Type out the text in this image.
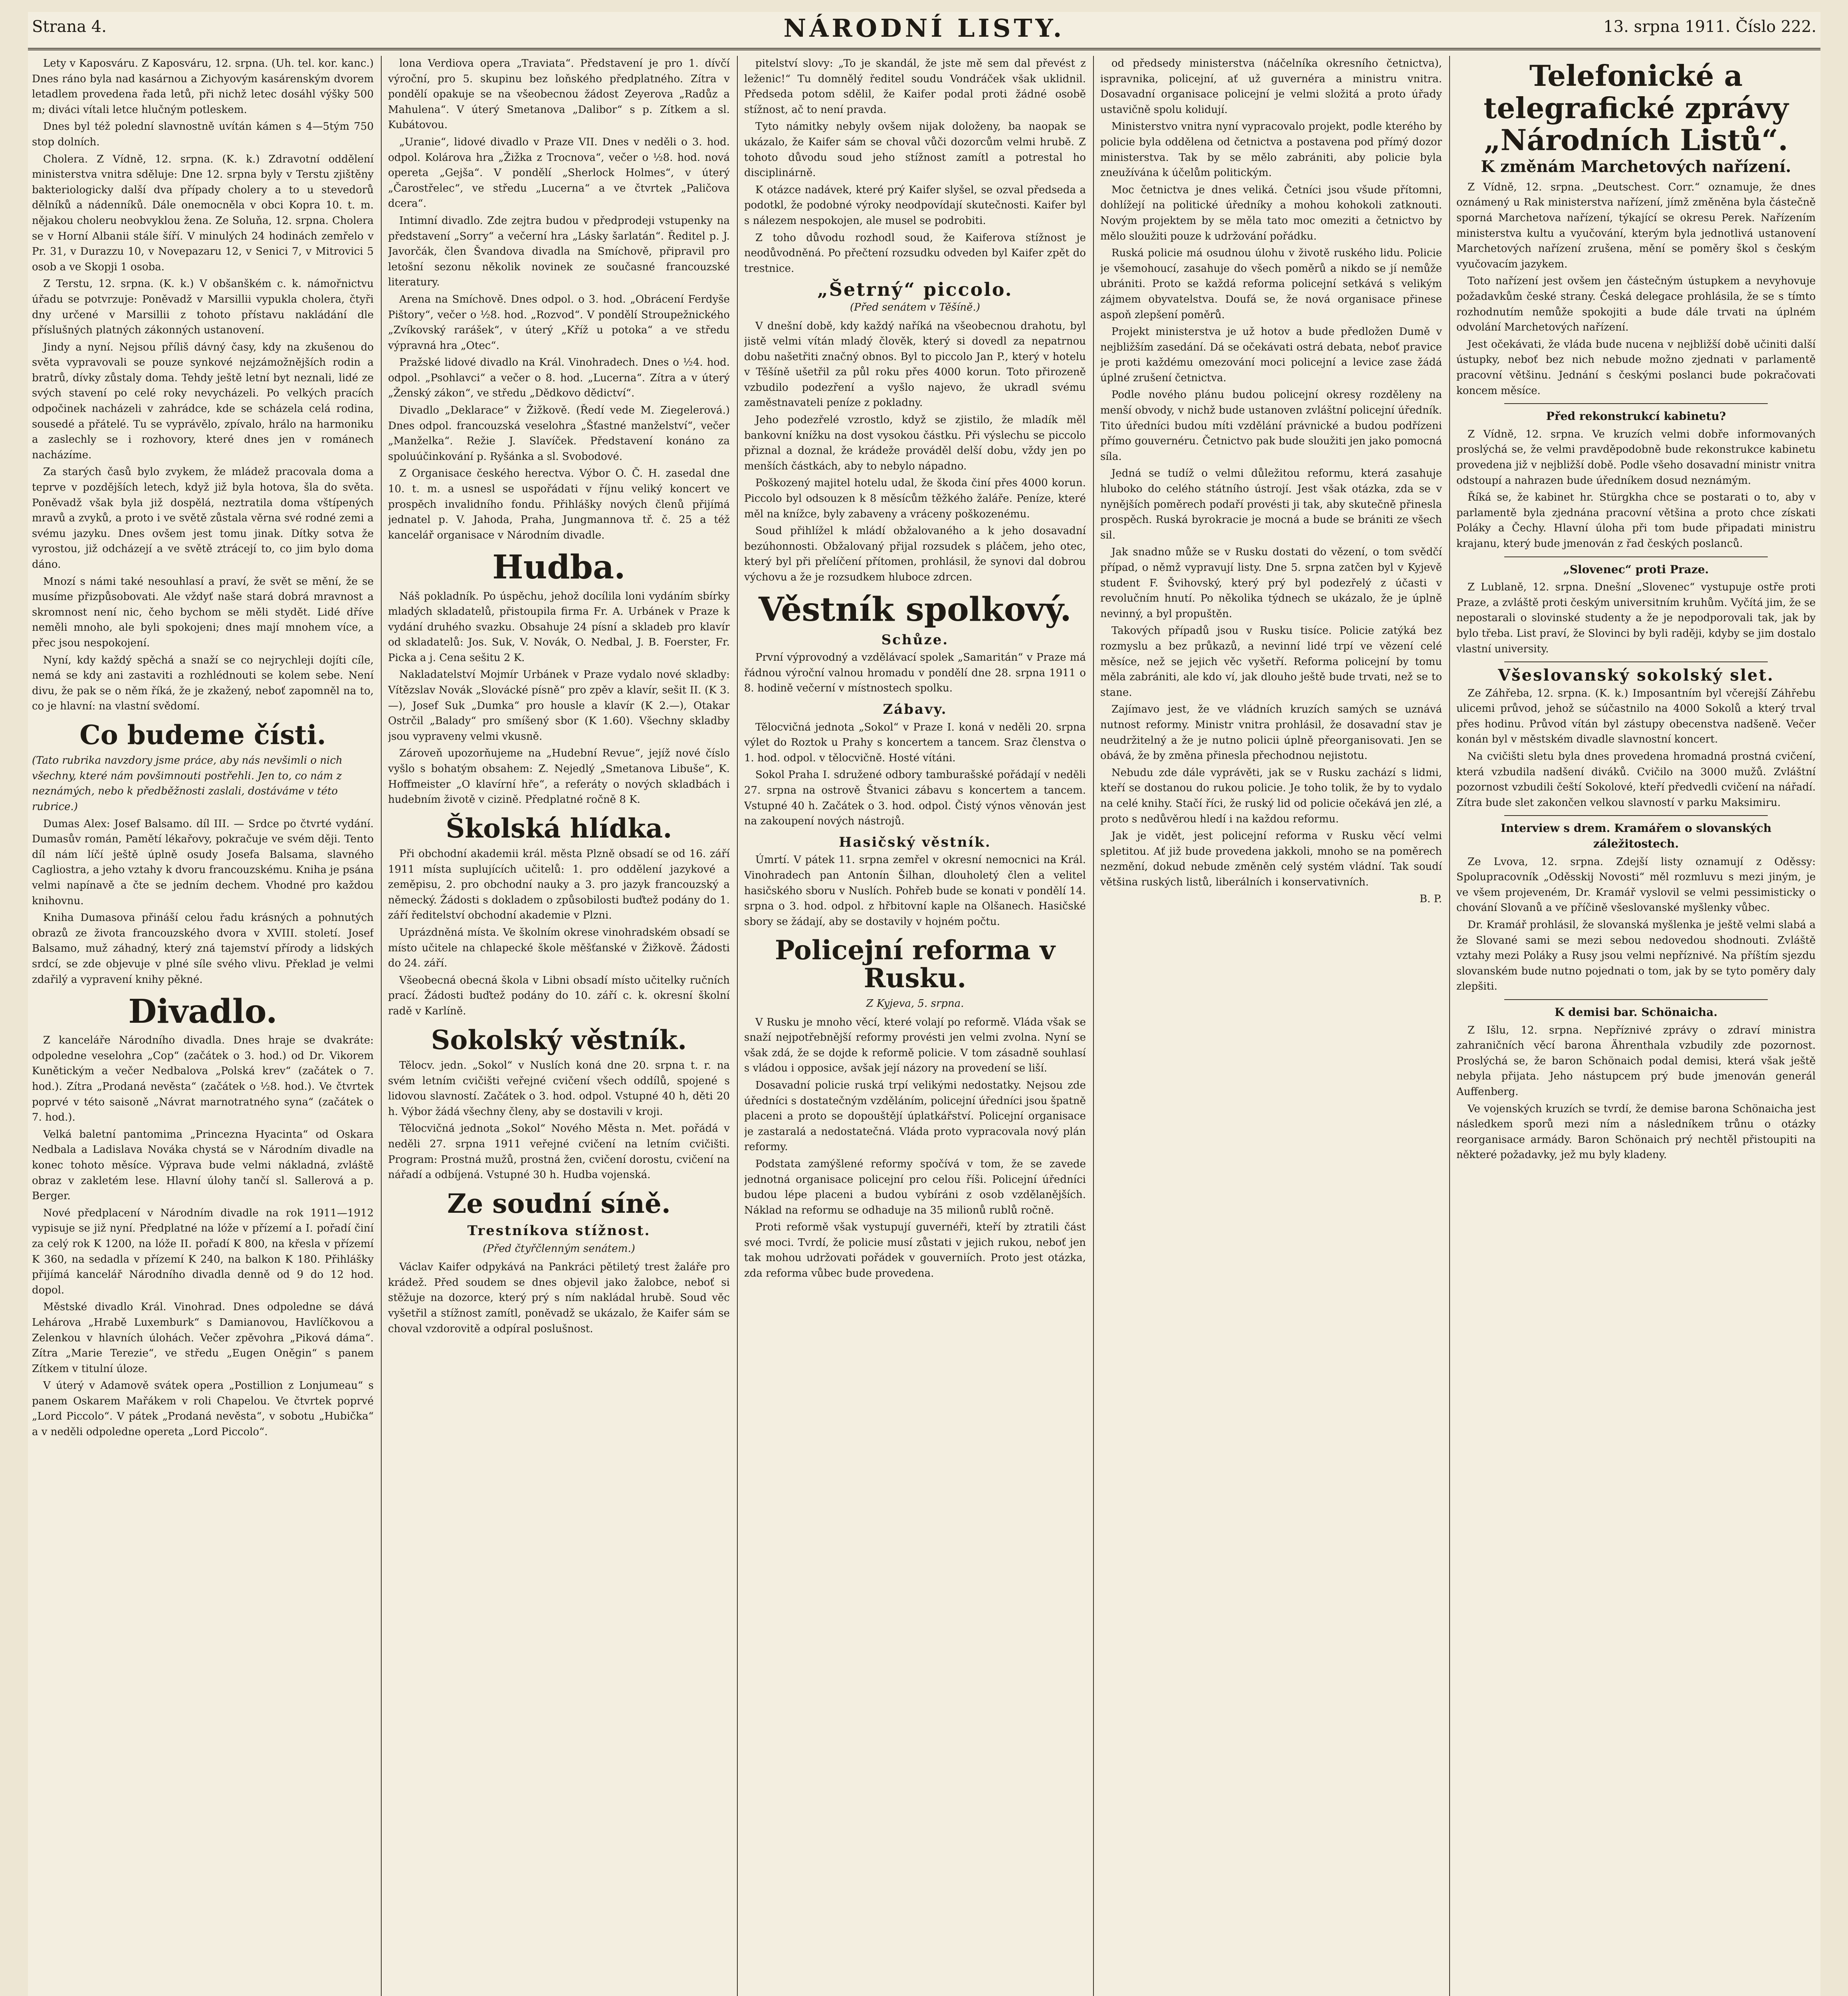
Strana 4.	NÁRODNÍ LISTY.	13. srpna 1911. Číslo 222.

Lety v Kaposváru. Z Kaposváru, 12. srpna. (Uh. tel. kor. kanc.) Dnes ráno byla nad kasárnou a Zichyovým kasárenským dvorem letadlem provedena řada letů, při nichž letec dosáhl výšky 500 m; diváci vítali letce hlučným potleskem.

Dnes byl též polední slavnostně uvítán kámen s 4—5tým 750 stop dolních.

Cholera. Z Vídně, 12. srpna. (K. k.) Zdravotní oddělení ministerstva vnitra sděluje: Dne 12. srpna byly v Terstu zjištěny bakteriologicky další dva případy cholery a to u stevedorů dělníků a nádenníků. Dále onemocněla v obci Kopra 10. t. m. nějakou choleru neobvyklou žena. Ze Soluňa, 12. srpna. Cholera se v Horní Albanii stále šíří. V minulých 24 hodinách zemřelo v Pr. 31, v Durazzu 10, v Novepazaru 12, v Senici 7, v Mitrovici 5 osob a ve Skopji 1 osoba.

Z Terstu, 12. srpna. (K. k.) V obšanškém c. k. námořnictvu úřadu se potvrzuje: Poněvadž v Marsillii vypukla cholera, čtyři dny určené v Marsillii z tohoto přístavu nakládání dle příslušných platných zákonných ustanovení.

Jindy a nyní. Nejsou příliš dávný časy, kdy na zkušenou do světa vypravovali se pouze synkové nejzámožnějších rodin a bratrů, dívky zůstaly doma. Tehdy ještě letní byt neznali, lidé ze svých stavení po celé roky nevycházeli. Po velkých pracích odpočinek nacházeli v zahrádce, kde se scházela celá rodina, sousedé a přátelé. Tu se vyprávělo, zpívalo, hrálo na harmoniku a zaslechly se i rozhovory, které dnes jen v románech nacházíme.

Za starých časů bylo zvykem, že mládež pracovala doma a teprve v pozdějších letech, když již byla hotova, šla do světa. Poněvadž však byla již dospělá, neztratila doma vštípených mravů a zvyků, a proto i ve světě zůstala věrna své rodné zemi a svému jazyku. Dnes ovšem jest tomu jinak. Dítky sotva že vyrostou, již odcházejí a ve světě ztrácejí to, co jim bylo doma dáno.

Mnozí s námi také nesouhlasí a praví, že svět se mění, že se musíme přizpůsobovati. Ale vždyť naše stará dobrá mravnost a skromnost není nic, čeho bychom se měli stydět. Lidé dříve neměli mnoho, ale byli spokojeni; dnes mají mnohem více, a přec jsou nespokojení.

Nyní, kdy každý spěchá a snaží se co nejrychleji dojíti cíle, nemá se kdy ani zastaviti a rozhlédnouti se kolem sebe. Není divu, že pak se o něm říká, že je zkažený, neboť zapomněl na to, co je hlavní: na vlastní svědomí.

Co budeme čísti.

(Tato rubrika navzdory jsme práce, aby nás nevšimli o nich všechny, které nám povšimnouti postřehli. Jen to, co nám z neznámých, nebo k předběžnosti zaslali, dostáváme v této rubrice.)

Dumas Alex: Josef Balsamo. díl III. — Srdce po čtvrté vydání. Dumasův román, Pamětí lékařovy, pokračuje ve svém ději. Tento díl nám líčí ještě úplně osudy Josefa Balsama, slavného Cagliostra, a jeho vztahy k dvoru francouzskému. Kniha je psána velmi napínavě a čte se jedním dechem. Vhodné pro každou knihovnu.

Kniha Dumasova přináší celou řadu krásných a pohnutých obrazů ze života francouzského dvora v XVIII. století. Josef Balsamo, muž záhadný, který zná tajemství přírody a lidských srdcí, se zde objevuje v plné síle svého vlivu. Překlad je velmi zdařilý a vypravení knihy pěkné.

Divadlo.

Z kanceláře Národního divadla. Dnes hraje se dvakráte: odpoledne veselohra „Cop“ (začátek o 3. hod.) od Dr. Vikorem Kunětickým a večer Nedbalova „Polská krev“ (začátek o 7. hod.). Zítra „Prodaná nevěsta“ (začátek o ½8. hod.). Ve čtvrtek poprvé v této saisoně „Návrat marnotratného syna“ (začátek o 7. hod.).

Velká baletní pantomima „Princezna Hyacinta“ od Oskara Nedbala a Ladislava Nováka chystá se v Národním divadle na konec tohoto měsíce. Výprava bude velmi nákladná, zvláště obraz v zakletém lese. Hlavní úlohy tančí sl. Sallerová a p. Berger.

Nové předplacení v Národním divadle na rok 1911—1912 vypisuje se již nyní. Předplatné na lóže v přízemí a I. pořadí činí za celý rok K 1200, na lóže II. pořadí K 800, na křesla v přízemí K 360, na sedadla v přízemí K 240, na balkon K 180. Přihlášky přijímá kancelář Národního divadla denně od 9 do 12 hod. dopol.

Městské divadlo Král. Vinohrad. Dnes odpoledne se dává Lehárova „Hrabě Luxemburk“ s Damianovou, Havlíčkovou a Zelenkou v hlavních úlohách. Večer zpěvohra „Piková dáma“. Zítra „Marie Terezie“, ve středu „Eugen Oněgin“ s panem Zítkem v titulní úloze.

V úterý v Adamově svátek opera „Postillion z Lonjumeau“ s panem Oskarem Mařákem v roli Chapelou. Ve čtvrtek poprvé „Lord Piccolo“. V pátek „Prodaná nevěsta“, v sobotu „Hubička“ a v neděli odpoledne opereta „Lord Piccolo“.

lona Verdiova opera „Traviata“. Představení je pro 1. dívčí výroční, pro 5. skupinu bez loňského předplatného. Zítra v pondělí opakuje se na všeobecnou žádost Zeyerova „Radůz a Mahulena“. V úterý Smetanova „Dalibor“ s p. Zítkem a sl. Kubátovou.

„Uranie“, lidové divadlo v Praze VII. Dnes v neděli o 3. hod. odpol. Kolárova hra „Žižka z Trocnova“, večer o ½8. hod. nová opereta „Gejša“. V pondělí „Sherlock Holmes“, v úterý „Čarostřelec“, ve středu „Lucerna“ a ve čtvrtek „Paličova dcera“.

Intimní divadlo. Zde zejtra budou v předprodeji vstupenky na představení „Sorry“ a večerní hra „Lásky šarlatán“. Ředitel p. J. Javorčák, člen Švandova divadla na Smíchově, připravil pro letošní sezonu několik novinek ze současné francouzské literatury.

Arena na Smíchově. Dnes odpol. o 3. hod. „Obrácení Ferdyše Pištory“, večer o ½8. hod. „Rozvod“. V pondělí Stroupežnického „Zvíkovský rarášek“, v úterý „Kříž u potoka“ a ve středu výpravná hra „Otec“.

Pražské lidové divadlo na Král. Vinohradech. Dnes o ½4. hod. odpol. „Psohlavci“ a večer o 8. hod. „Lucerna“. Zítra a v úterý „Ženský zákon“, ve středu „Dědkovo dědictví“.

Divadlo „Deklarace“ v Žižkově. (Ředí vede M. Ziegelerová.) Dnes odpol. francouzská veselohra „Šťastné manželství“, večer „Manželka“. Režie J. Slavíček. Představení konáno za spoluúčinkování p. Ryšánka a sl. Svobodové.

Z Organisace českého herectva. Výbor O. Č. H. zasedal dne 10. t. m. a usnesl se uspořádati v říjnu veliký koncert ve prospěch invalidního fondu. Přihlášky nových členů přijímá jednatel p. V. Jahoda, Praha, Jungmannova tř. č. 25 a též kancelář organisace v Národním divadle.

Hudba.

Náš pokladník. Po úspěchu, jehož docílila loni vydáním sbírky mladých skladatelů, přistoupila firma Fr. A. Urbánek v Praze k vydání druhého svazku. Obsahuje 24 písní a skladeb pro klavír od skladatelů: Jos. Suk, V. Novák, O. Nedbal, J. B. Foerster, Fr. Picka a j. Cena sešitu 2 K.

Nakladatelství Mojmír Urbánek v Praze vydalo nové skladby: Vítězslav Novák „Slovácké písně“ pro zpěv a klavír, sešit II. (K 3.—), Josef Suk „Dumka“ pro housle a klavír (K 2.—), Otakar Ostrčil „Balady“ pro smíšený sbor (K 1.60). Všechny skladby jsou vypraveny velmi vkusně.

Zároveň upozorňujeme na „Hudební Revue“, jejíž nové číslo vyšlo s bohatým obsahem: Z. Nejedlý „Smetanova Libuše“, K. Hoffmeister „O klavírní hře“, a referáty o nových skladbách i hudebním životě v cizině. Předplatné ročně 8 K.

Školská hlídka.

Při obchodní akademii král. města Plzně obsadí se od 16. září 1911 místa suplujících učitelů: 1. pro oddělení jazykové a zeměpisu, 2. pro obchodní nauky a 3. pro jazyk francouzský a německý. Žádosti s dokladem o způsobilosti buďtež podány do 1. září ředitelství obchodní akademie v Plzni.

Uprázdněná místa. Ve školním okrese vinohradském obsadí se místo učitele na chlapecké škole měšťanské v Žižkově. Žádosti do 24. září.

Všeobecná obecná škola v Libni obsadí místo učitelky ručních prací. Žádosti buďtež podány do 10. září c. k. okresní školní radě v Karlíně.

Sokolský věstník.

Tělocv. jedn. „Sokol“ v Nuslích koná dne 20. srpna t. r. na svém letním cvičišti veřejné cvičení všech oddílů, spojené s lidovou slavností. Začátek o 3. hod. odpol. Vstupné 40 h, děti 20 h. Výbor žádá všechny členy, aby se dostavili v kroji.

Tělocvičná jednota „Sokol“ Nového Města n. Met. pořádá v neděli 27. srpna 1911 veřejné cvičení na letním cvičišti. Program: Prostná mužů, prostná žen, cvičení dorostu, cvičení na nářadí a odbíjená. Vstupné 30 h. Hudba vojenská.

Ze soudní síně.
Trestníkova stížnost.
(Před čtyřčlenným senátem.)

Václav Kaifer odpykává na Pankráci pětiletý trest žaláře pro krádež. Před soudem se dnes objevil jako žalobce, neboť si stěžuje na dozorce, který prý s ním nakládal hrubě. Soud věc vyšetřil a stížnost zamítl, poněvadž se ukázalo, že Kaifer sám se choval vzdorovitě a odpíral poslušnost.

pitelství slovy: „To je skandál, že jste mě sem dal převést z leženic!“ Tu domnělý ředitel soudu Vondráček však uklidnil. Předseda potom sdělil, že Kaifer podal proti žádné osobě stížnost, ač to není pravda.

Tyto námitky nebyly ovšem nijak doloženy, ba naopak se ukázalo, že Kaifer sám se choval vůči dozorcům velmi hrubě. Z tohoto důvodu soud jeho stížnost zamítl a potrestal ho disciplinárně.

K otázce nadávek, které prý Kaifer slyšel, se ozval předseda a podotkl, že podobné výroky neodpovídají skutečnosti. Kaifer byl s nálezem nespokojen, ale musel se podrobiti.

Z toho důvodu rozhodl soud, že Kaiferova stížnost je neodůvodněná. Po přečtení rozsudku odveden byl Kaifer zpět do trestnice.

„Šetrný“ piccolo.
(Před senátem v Těšíně.)

V dnešní době, kdy každý naříká na všeobecnou drahotu, byl jistě velmi vítán mladý člověk, který si dovedl za nepatrnou dobu našetřiti značný obnos. Byl to piccolo Jan P., který v hotelu v Těšíně ušetřil za půl roku přes 4000 korun. Toto přirozeně vzbudilo podezření a vyšlo najevo, že ukradl svému zaměstnavateli peníze z pokladny.

Jeho podezřelé vzrostlo, když se zjistilo, že mladík měl bankovní knížku na dost vysokou částku. Při výslechu se piccolo přiznal a doznal, že krádeže prováděl delší dobu, vždy jen po menších částkách, aby to nebylo nápadno.

Poškozený majitel hotelu udal, že škoda činí přes 4000 korun. Piccolo byl odsouzen k 8 měsícům těžkého žaláře. Peníze, které měl na knížce, byly zabaveny a vráceny poškozenému.

Soud přihlížel k mládí obžalovaného a k jeho dosavadní bezúhonnosti. Obžalovaný přijal rozsudek s pláčem, jeho otec, který byl při přelíčení přítomen, prohlásil, že synovi dal dobrou výchovu a že je rozsudkem hluboce zdrcen.

Věstník spolkový.
Schůze.

První výprovodný a vzdělávací spolek „Samaritán“ v Praze má řádnou výroční valnou hromadu v pondělí dne 28. srpna 1911 o 8. hodině večerní v místnostech spolku.

Zábavy.

Tělocvičná jednota „Sokol“ v Praze I. koná v neděli 20. srpna výlet do Roztok u Prahy s koncertem a tancem. Sraz členstva o 1. hod. odpol. v tělocvičně. Hosté vítáni.

Sokol Praha I. sdružené odbory tamburašské pořádají v neděli 27. srpna na ostrově Štvanici zábavu s koncertem a tancem. Vstupné 40 h. Začátek o 3. hod. odpol. Čistý výnos věnován jest na zakoupení nových nástrojů.

Hasičský věstník.

Úmrtí. V pátek 11. srpna zemřel v okresní nemocnici na Král. Vinohradech pan Antonín Šilhan, dlouholetý člen a velitel hasičského sboru v Nuslích. Pohřeb bude se konati v pondělí 14. srpna o 3. hod. odpol. z hřbitovní kaple na Olšanech. Hasičské sbory se žádají, aby se dostavily v hojném počtu.

Policejní reforma v Rusku.
Z Kyjeva, 5. srpna.

V Rusku je mnoho věcí, které volají po reformě. Vláda však se snaží nejpotřebnější reformy provésti jen velmi zvolna. Nyní se však zdá, že se dojde k reformě policie. V tom zásadně souhlasí s vládou i opposice, avšak její názory na provedení se liší.

Dosavadní policie ruská trpí velikými nedostatky. Nejsou zde úředníci s dostatečným vzděláním, policejní úředníci jsou špatně placeni a proto se dopouštějí úplatkářství. Policejní organisace je zastaralá a nedostatečná. Vláda proto vypracovala nový plán reformy.

Podstata zamýšlené reformy spočívá v tom, že se zavede jednotná organisace policejní pro celou říši. Policejní úředníci budou lépe placeni a budou vybíráni z osob vzdělanějších. Náklad na reformu se odhaduje na 35 milionů rublů ročně.

Proti reformě však vystupují guvernéři, kteří by ztratili část své moci. Tvrdí, že policie musí zůstati v jejich rukou, neboť jen tak mohou udržovati pořádek v gouverniích. Proto jest otázka, zda reforma vůbec bude provedena.

od předsedy ministerstva (náčelníka okresního četnictva), ispravnika, policejní, ať už guvernéra a ministru vnitra. Dosavadní organisace policejní je velmi složitá a proto úřady ustavičně spolu kolidují.

Ministerstvo vnitra nyní vypracovalo projekt, podle kterého by policie byla oddělena od četnictva a postavena pod přímý dozor ministerstva. Tak by se mělo zabrániti, aby policie byla zneužívána k účelům politickým.

Moc četnictva je dnes veliká. Četníci jsou všude přítomni, dohlížejí na politické úředníky a mohou kohokoli zatknouti. Novým projektem by se měla tato moc omeziti a četnictvo by mělo sloužiti pouze k udržování pořádku.

Ruská policie má osudnou úlohu v životě ruského lidu. Policie je všemohoucí, zasahuje do všech poměrů a nikdo se jí nemůže ubrániti. Proto se každá reforma policejní setkává s velikým zájmem obyvatelstva. Doufá se, že nová organisace přinese aspoň zlepšení poměrů.

Projekt ministerstva je už hotov a bude předložen Dumě v nejbližším zasedání. Dá se očekávati ostrá debata, neboť pravice je proti každému omezování moci policejní a levice zase žádá úplné zrušení četnictva.

Podle nového plánu budou policejní okresy rozděleny na menší obvody, v nichž bude ustanoven zvláštní policejní úředník. Tito úředníci budou míti vzdělání právnické a budou podřízeni přímo gouvernéru. Četnictvo pak bude sloužiti jen jako pomocná síla.

Jedná se tudíž o velmi důležitou reformu, která zasahuje hluboko do celého státního ústrojí. Jest však otázka, zda se v nynějších poměrech podaří provésti ji tak, aby skutečně přinesla prospěch. Ruská byrokracie je mocná a bude se brániti ze všech sil.

Jak snadno může se v Rusku dostati do vězení, o tom svědčí případ, o němž vypravují listy. Dne 5. srpna zatčen byl v Kyjevě student F. Švihovský, který prý byl podezřelý z účasti v revolučním hnutí. Po několika týdnech se ukázalo, že je úplně nevinný, a byl propuštěn.

Takových případů jsou v Rusku tisíce. Policie zatýká bez rozmyslu a bez průkazů, a nevinní lidé trpí ve vězení celé měsíce, než se jejich věc vyšetří. Reforma policejní by tomu měla zabrániti, ale kdo ví, jak dlouho ještě bude trvati, než se to stane.

Zajímavo jest, že ve vládních kruzích samých se uznává nutnost reformy. Ministr vnitra prohlásil, že dosavadní stav je neudržitelný a že je nutno policii úplně přeorganisovati. Jen se obává, že by změna přinesla přechodnou nejistotu.

Nebudu zde dále vyprávěti, jak se v Rusku zachází s lidmi, kteří se dostanou do rukou policie. Je toho tolik, že by to vydalo na celé knihy. Stačí říci, že ruský lid od policie očekává jen zlé, a proto s nedůvěrou hledí i na každou reformu.

Jak je vidět, jest policejní reforma v Rusku věcí velmi spletitou. Ať již bude provedena jakkoli, mnoho se na poměrech nezmění, dokud nebude změněn celý systém vládní. Tak soudí většina ruských listů, liberálních i konservativních.

B. P.

Telefonické a telegrafické zprávy „Národních Listů“.
K změnám Marchetových nařízení.

Z Vídně, 12. srpna. „Deutschest. Corr.“ oznamuje, že dnes oznámený u Rak ministerstva nařízení, jímž změněna byla částečně sporná Marchetova nařízení, týkající se okresu Perek. Nařízením ministerstva kultu a vyučování, kterým byla jednotlivá ustanovení Marchetových nařízení zrušena, mění se poměry škol s českým vyučovacím jazykem.

Toto nařízení jest ovšem jen částečným ústupkem a nevyhovuje požadavkům české strany. Česká delegace prohlásila, že se s tímto rozhodnutím nemůže spokojiti a bude dále trvati na úplném odvolání Marchetových nařízení.

Jest očekávati, že vláda bude nucena v nejbližší době učiniti další ústupky, neboť bez nich nebude možno zjednati v parlamentě pracovní většinu. Jednání s českými poslanci bude pokračovati koncem měsíce.

Před rekonstrukcí kabinetu?

Z Vídně, 12. srpna. Ve kruzích velmi dobře informovaných proslýchá se, že velmi pravděpodobně bude rekonstrukce kabinetu provedena již v nejbližší době. Podle všeho dosavadní ministr vnitra odstoupí a nahrazen bude úředníkem dosud neznámým.

Říká se, že kabinet hr. Stürgkha chce se postarati o to, aby v parlamentě byla zjednána pracovní většina a proto chce získati Poláky a Čechy. Hlavní úloha při tom bude připadati ministru krajanu, který bude jmenován z řad českých poslanců.

„Slovenec“ proti Praze.

Z Lublaně, 12. srpna. Dnešní „Slovenec“ vystupuje ostře proti Praze, a zvláště proti českým universitním kruhům. Vyčítá jim, že se nepostarali o slovinské studenty a že je nepodporovali tak, jak by bylo třeba. List praví, že Slovinci by byli raději, kdyby se jim dostalo vlastní university.

Všeslovanský sokolský slet.

Ze Záhřeba, 12. srpna. (K. k.) Imposantním byl včerejší Záhřebu ulicemi průvod, jehož se súčastnilo na 4000 Sokolů a který trval přes hodinu. Průvod vítán byl zástupy obecenstva nadšeně. Večer konán byl v městském divadle slavnostní koncert.

Na cvičišti sletu byla dnes provedena hromadná prostná cvičení, která vzbudila nadšení diváků. Cvičilo na 3000 mužů. Zvláštní pozornost vzbudili čeští Sokolové, kteří předvedli cvičení na nářadí. Zítra bude slet zakončen velkou slavností v parku Maksimiru.

Interview s drem. Kramářem o slovanských záležitostech.

Ze Lvova, 12. srpna. Zdejší listy oznamují z Oděssy: Spolupracovník „Oděsskij Novosti“ měl rozmluvu s mezi jiným, je ve všem projeveném, Dr. Kramář vyslovil se velmi pessimisticky o chování Slovanů a ve příčině všeslovanské myšlenky vůbec.

Dr. Kramář prohlásil, že slovanská myšlenka je ještě velmi slabá a že Slované sami se mezi sebou nedovedou shodnouti. Zvláště vztahy mezi Poláky a Rusy jsou velmi nepříznivé. Na příštím sjezdu slovanském bude nutno pojednati o tom, jak by se tyto poměry daly zlepšiti.

K demisi bar. Schönaicha.

Z Išlu, 12. srpna. Nepříznivé zprávy o zdraví ministra zahraničních věcí barona Ährenthala vzbudily zde pozornost. Proslýchá se, že baron Schönaich podal demisi, která však ještě nebyla přijata. Jeho nástupcem prý bude jmenován generál Auffenberg.

Ve vojenských kruzích se tvrdí, že demise barona Schönaicha jest následkem sporů mezi ním a následníkem trůnu o otázky reorganisace armády. Baron Schönaich prý nechtěl přistoupiti na některé požadavky, jež mu byly kladeny.
